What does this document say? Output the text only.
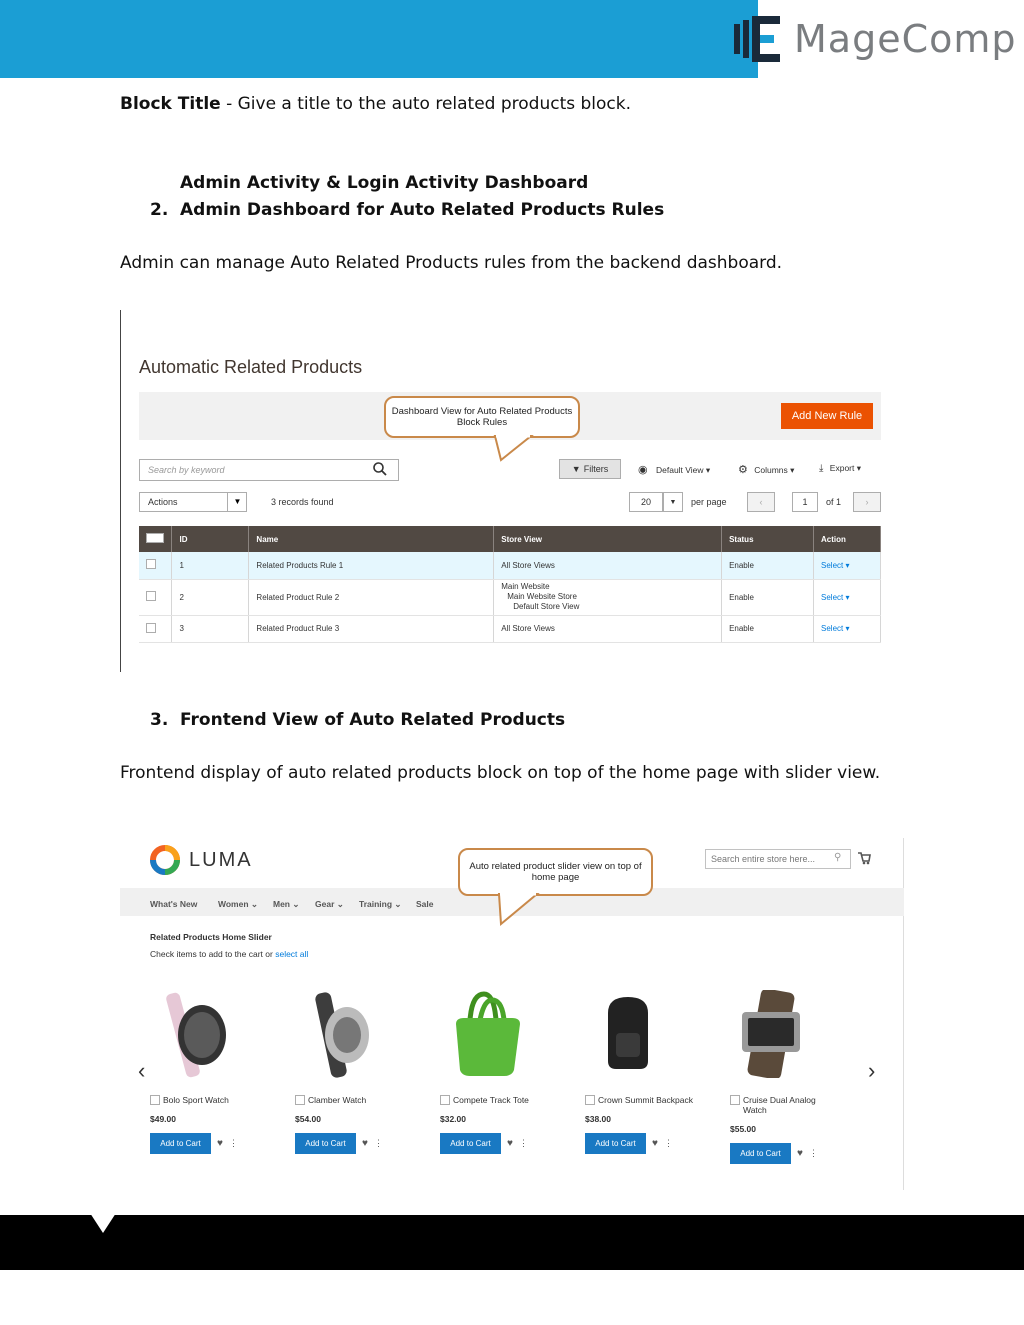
MageComp
Block Title - Give a title to the auto related products block.
Admin Activity & Login Activity Dashboard
2. Admin Dashboard for Auto Related Products Rules
Admin can manage Auto Related Products rules from the backend dashboard.
Automatic Related Products
Dashboard View for Auto Related Products Block Rules
Add New Rule
Search by keyword	▼ Filters	◉ Default View ▾	⚙ Columns ▾ ⤓ Export ▾
Actions	▼	3 records found	20	▼	per page	‹	1	of 1	›
	ID	Name	Store View	Status	Action
	1	Related Products Rule 1	All Store Views	Enable	Select ▾
	2	Related Product Rule 2	Main Website
Main Website Store
Default Store View	Enable	Select ▾
	3	Related Product Rule 3	All Store Views	Enable	Select ▾
3. Frontend View of Auto Related Products
Frontend display of auto related products block on top of the home page with slider view.
LUMA	Search entire store here...	⚲
What's New Women ⌄ Men ⌄ Gear ⌄ Training ⌄ Sale
Auto related product slider view on top of home page
Related Products Home Slider
Check items to add to the cart or select all
‹	›
Bolo Sport Watch
$49.00
Add to Cart	♥ ⋮
Clamber Watch
$54.00
Add to Cart	♥ ⋮
Compete Track Tote
$32.00
Add to Cart	♥ ⋮
Crown Summit Backpack
$38.00
Add to Cart	♥ ⋮
Cruise Dual Analog Watch
$55.00
Add to Cart	♥ ⋮
